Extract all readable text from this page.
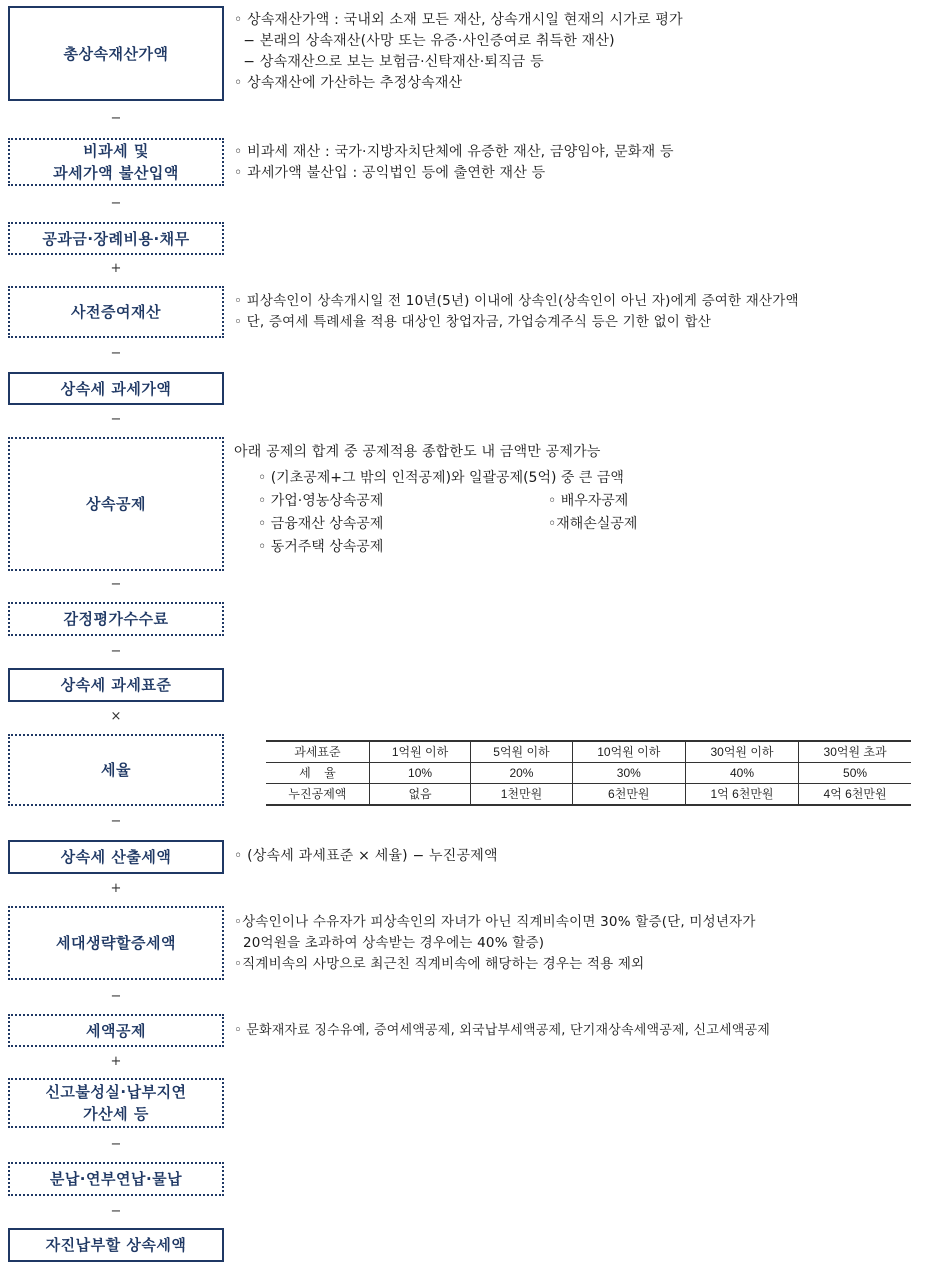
총상속재산가액
−
비과세 및
과세가액 불산입액
−
공과금·장례비용·채무
+
사전증여재산
−
상속세 과세가액
−
상속공제
−
감정평가수수료
−
상속세 과세표준
×
세율
−
상속세 산출세액
+
세대생략할증세액
−
세액공제
+
신고불성실·납부지연
가산세 등
−
분납·연부연납·물납
−
자진납부할 상속세액
◦ 상속재산가액 : 국내외 소재 모든 재산, 상속개시일 현재의 시가로 평가
− 본래의 상속재산(사망 또는 유증·사인증여로 취득한 재산)
− 상속재산으로 보는 보험금·신탁재산·퇴직금 등
◦ 상속재산에 가산하는 추정상속재산
◦ 비과세 재산 : 국가·지방자치단체에 유증한 재산, 금양임야, 문화재 등
◦ 과세가액 불산입 : 공익법인 등에 출연한 재산 등
◦ 피상속인이 상속개시일 전 10년(5년) 이내에 상속인(상속인이 아닌 자)에게 증여한 재산가액
◦ 단, 증여세 특례세율 적용 대상인 창업자금, 가업승계주식 등은 기한 없이 합산
아래 공제의 합계 중 공제적용 종합한도 내 금액만 공제가능
◦ (기초공제+그 밖의 인적공제)와 일괄공제(5억) 중 큰 금액
◦ 가업·영농상속공제	◦ 배우자공제
◦ 금융재산 상속공제	◦재해손실공제
◦ 동거주택 상속공제
과세표준	1억원 이하	5억원 이하	10억원 이하	30억원 이하	30억원 초과
세    율	10%	20%	30%	40%	50%
누진공제액	없음	1천만원	6천만원	1억 6천만원	4억 6천만원
◦ (상속세 과세표준 × 세율) − 누진공제액
◦상속인이나 수유자가 피상속인의 자녀가 아닌 직계비속이면 30% 할증(단, 미성년자가
20억원을 초과하여 상속받는 경우에는 40% 할증)
◦직계비속의 사망으로 최근친 직계비속에 해당하는 경우는 적용 제외
◦ 문화재자료 징수유예, 증여세액공제, 외국납부세액공제, 단기재상속세액공제, 신고세액공제
